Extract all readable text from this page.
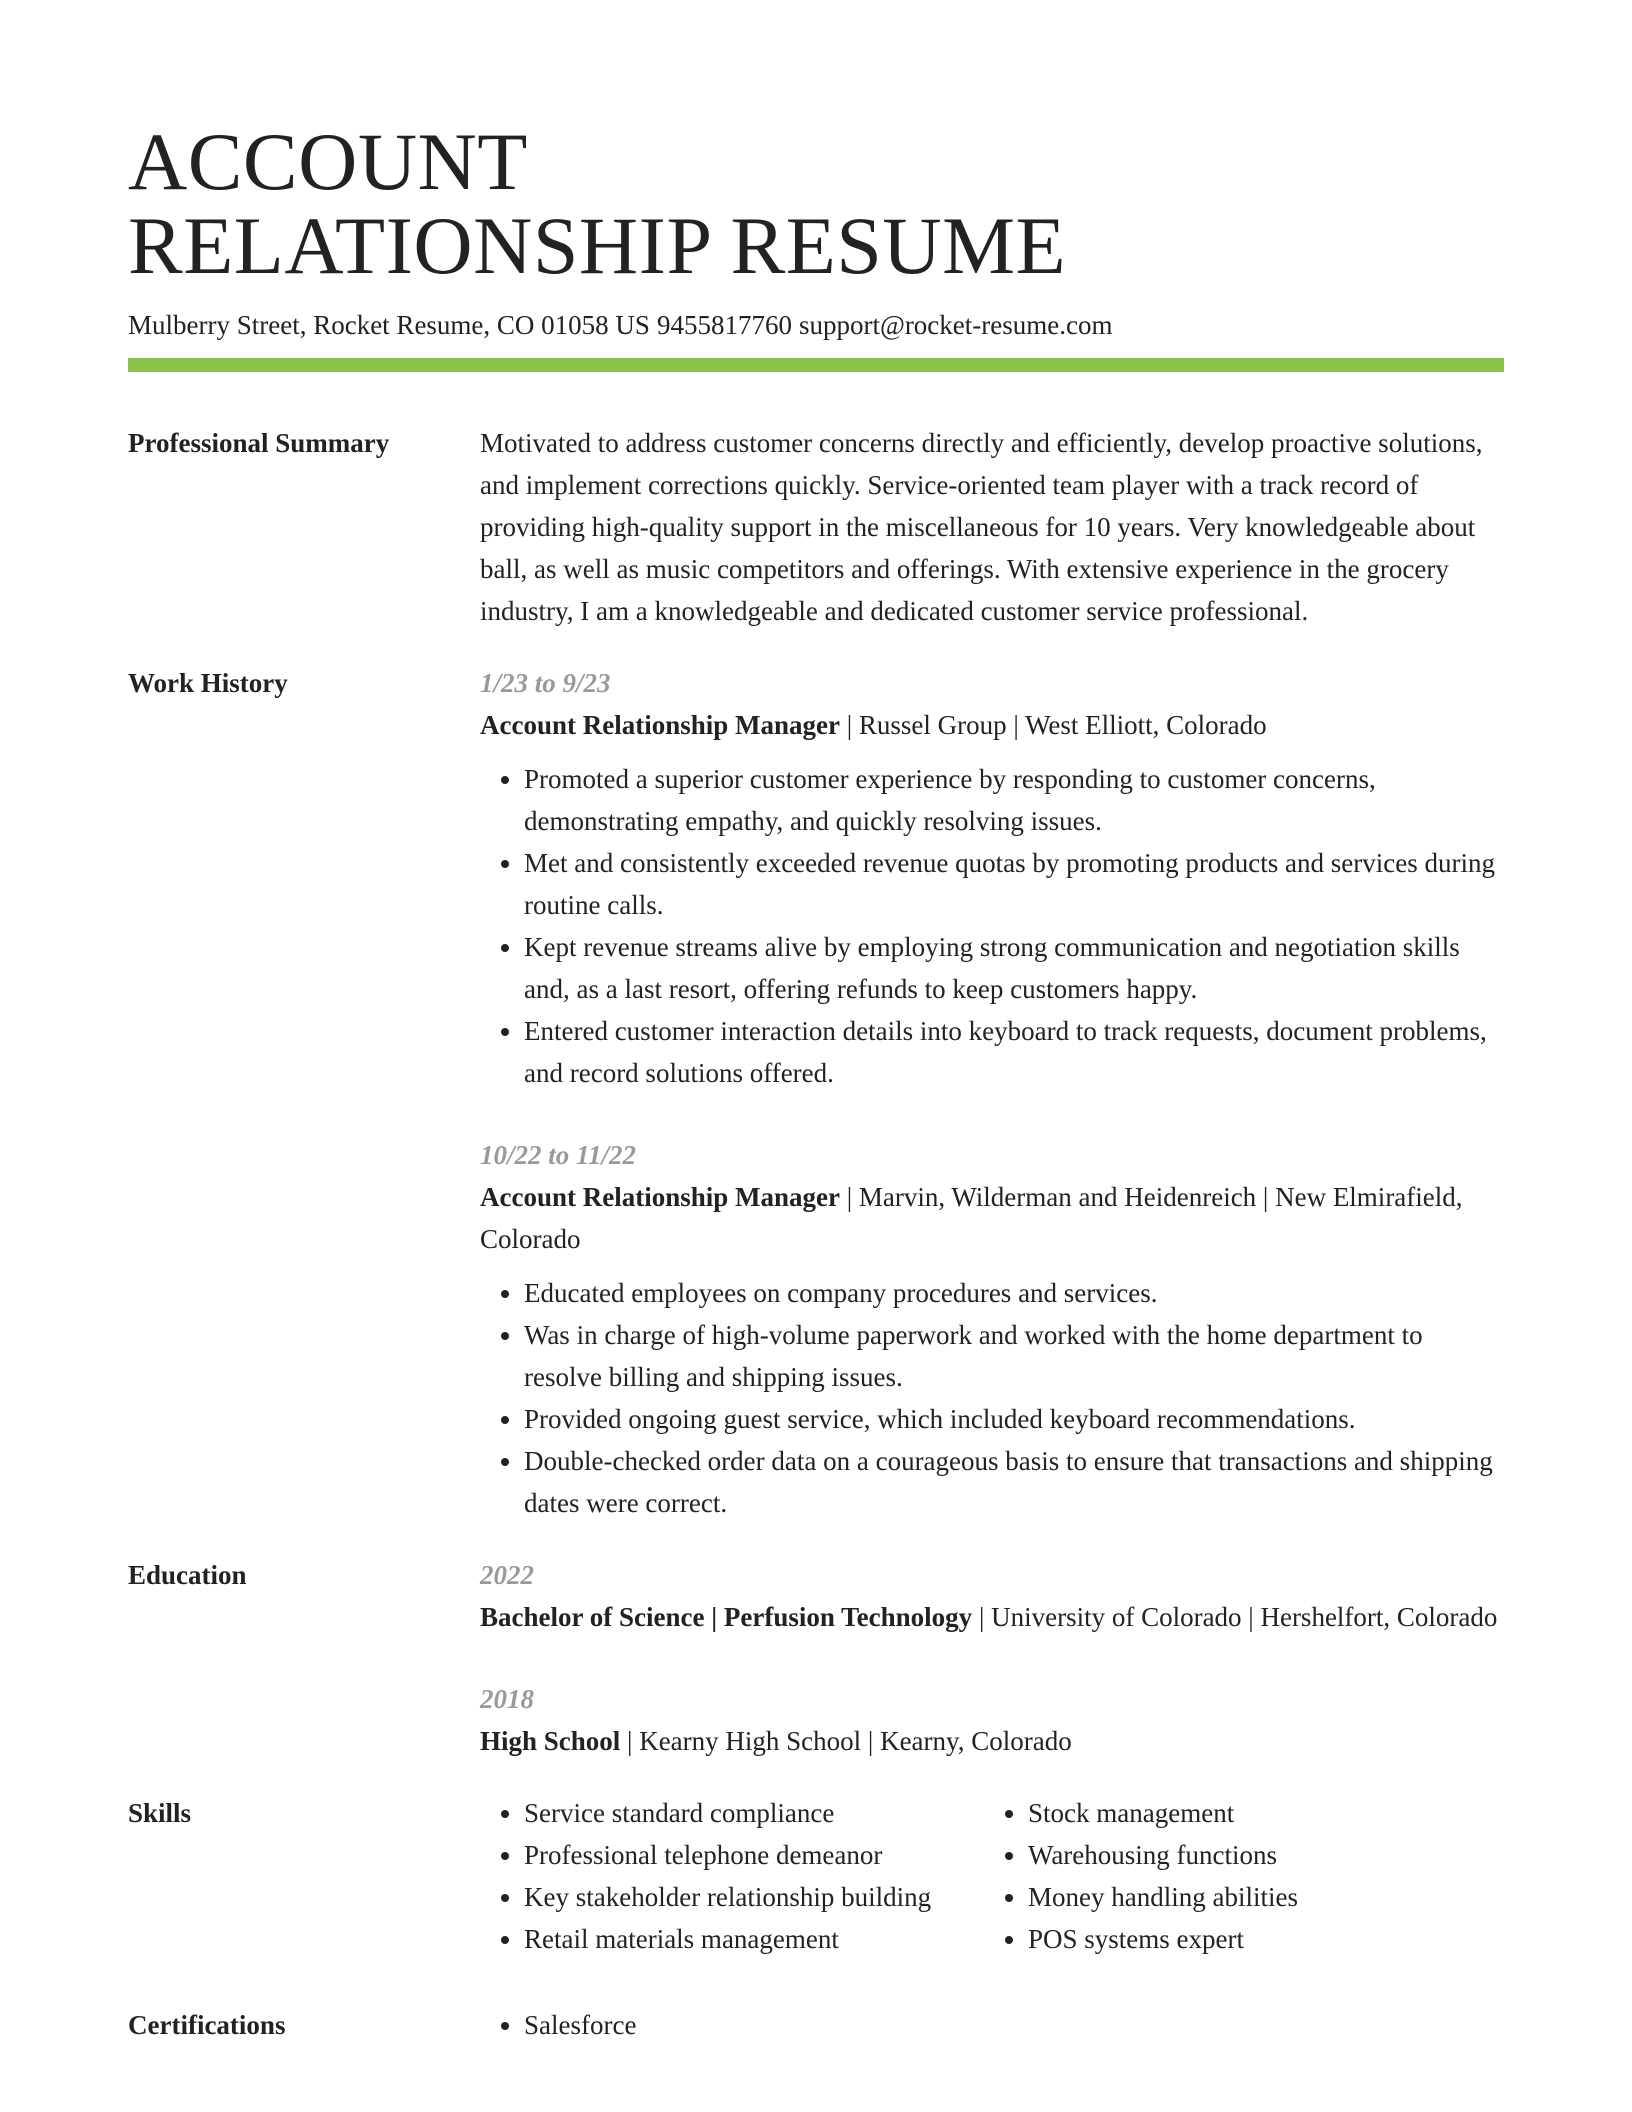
ACCOUNT
RELATIONSHIP RESUME
Mulberry Street, Rocket Resume, CO 01058 US 9455817760 support@rocket-resume.com
Professional Summary	Motivated to address customer concerns directly and efficiently, develop proactive solutions, and implement corrections quickly. Service-oriented team player with a track record of providing high-quality support in the miscellaneous for 10 years. Very knowledgeable about ball, as well as music competitors and offerings. With extensive experience in the grocery industry, I am a knowledgeable and dedicated customer service professional.
Work History	1/23 to 9/23
Account Relationship Manager | Russel Group | West Elliott, Colorado
• Promoted a superior customer experience by responding to customer concerns, demonstrating empathy, and quickly resolving issues.
• Met and consistently exceeded revenue quotas by promoting products and services during routine calls.
• Kept revenue streams alive by employing strong communication and negotiation skills and, as a last resort, offering refunds to keep customers happy.
• Entered customer interaction details into keyboard to track requests, document problems, and record solutions offered.
10/22 to 11/22
Account Relationship Manager | Marvin, Wilderman and Heidenreich | New Elmirafield, Colorado
• Educated employees on company procedures and services.
• Was in charge of high-volume paperwork and worked with the home department to resolve billing and shipping issues.
• Provided ongoing guest service, which included keyboard recommendations.
• Double-checked order data on a courageous basis to ensure that transactions and shipping dates were correct.
Education	2022
Bachelor of Science | Perfusion Technology | University of Colorado | Hershelfort, Colorado
2018
High School | Kearny High School | Kearny, Colorado
Skills	• Service standard compliance
• Professional telephone demeanor
• Key stakeholder relationship building
• Retail materials management
• Stock management
• Warehousing functions
• Money handling abilities
• POS systems expert
Certifications	• Salesforce
